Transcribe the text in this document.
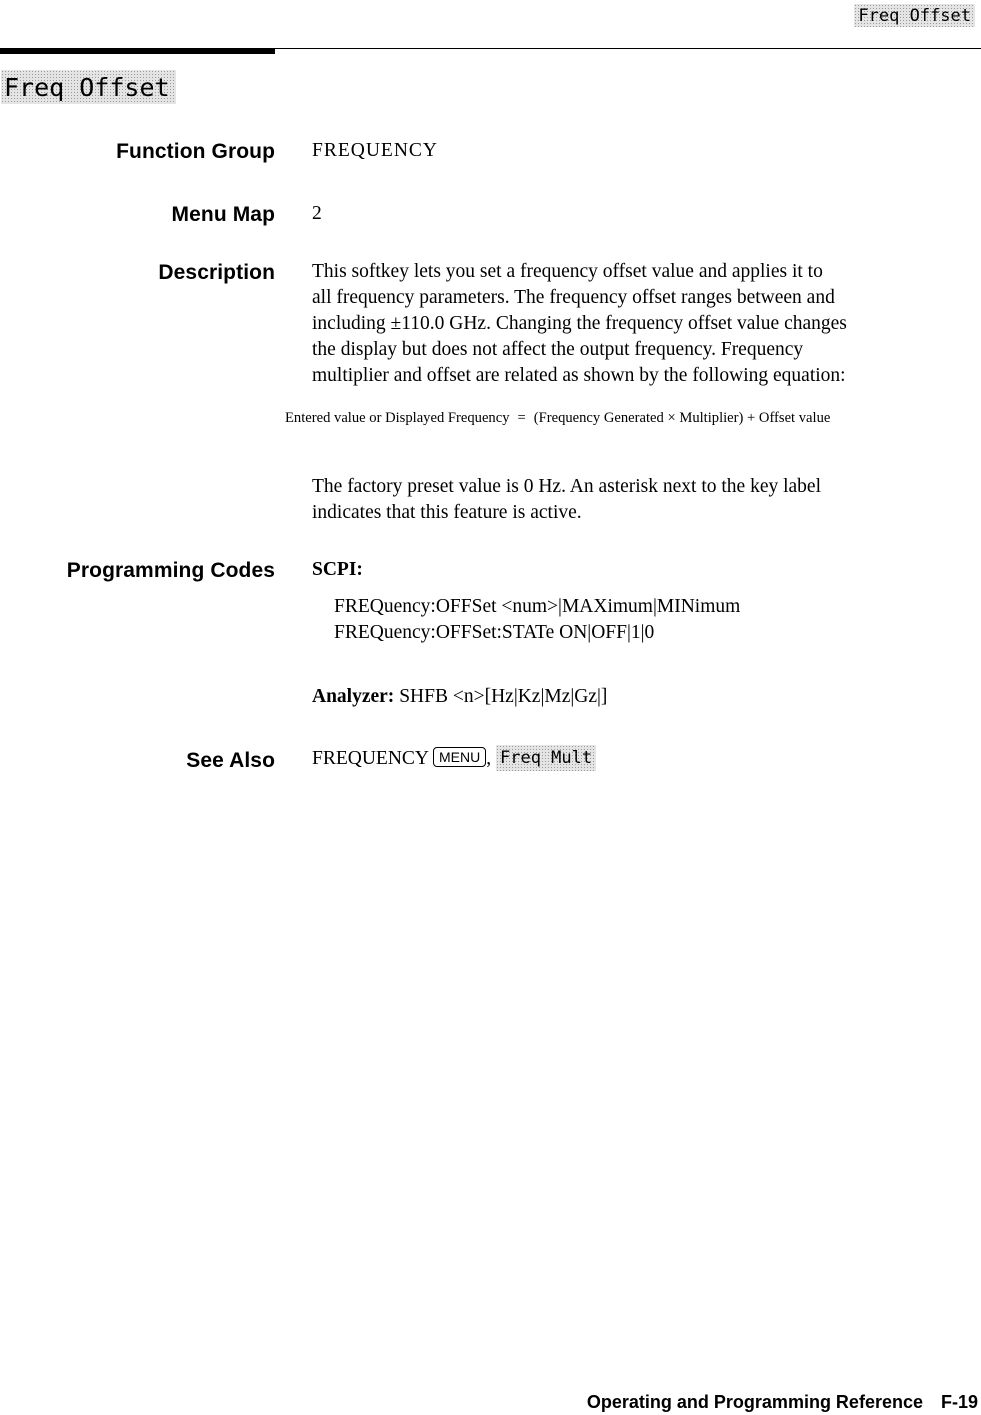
Freq Offset
Freq Offset
Function Group FREQUENCY
Menu Map 2
Description This softkey lets you set a frequency offset value and applies it to
all frequency parameters. The frequency offset ranges between and
including ±110.0 GHz. Changing the frequency offset value changes
the display but does not affect the output frequency. Frequency
multiplier and offset are related as shown by the following equation:
Entered value or Displayed Frequency = (Frequency Generated × Multiplier) + Offset value
The factory preset value is 0 Hz. An asterisk next to the key label
indicates that this feature is active.
Programming Codes SCPI:
FREQuency:OFFSet <num>|MAXimum|MINimum
FREQuency:OFFSet:STATe ON|OFF|1|0
Analyzer: SHFB <n>[Hz|Kz|Mz|Gz|]
See Also FREQUENCY MENU , Freq Mult
Operating and Programming Reference F-19
